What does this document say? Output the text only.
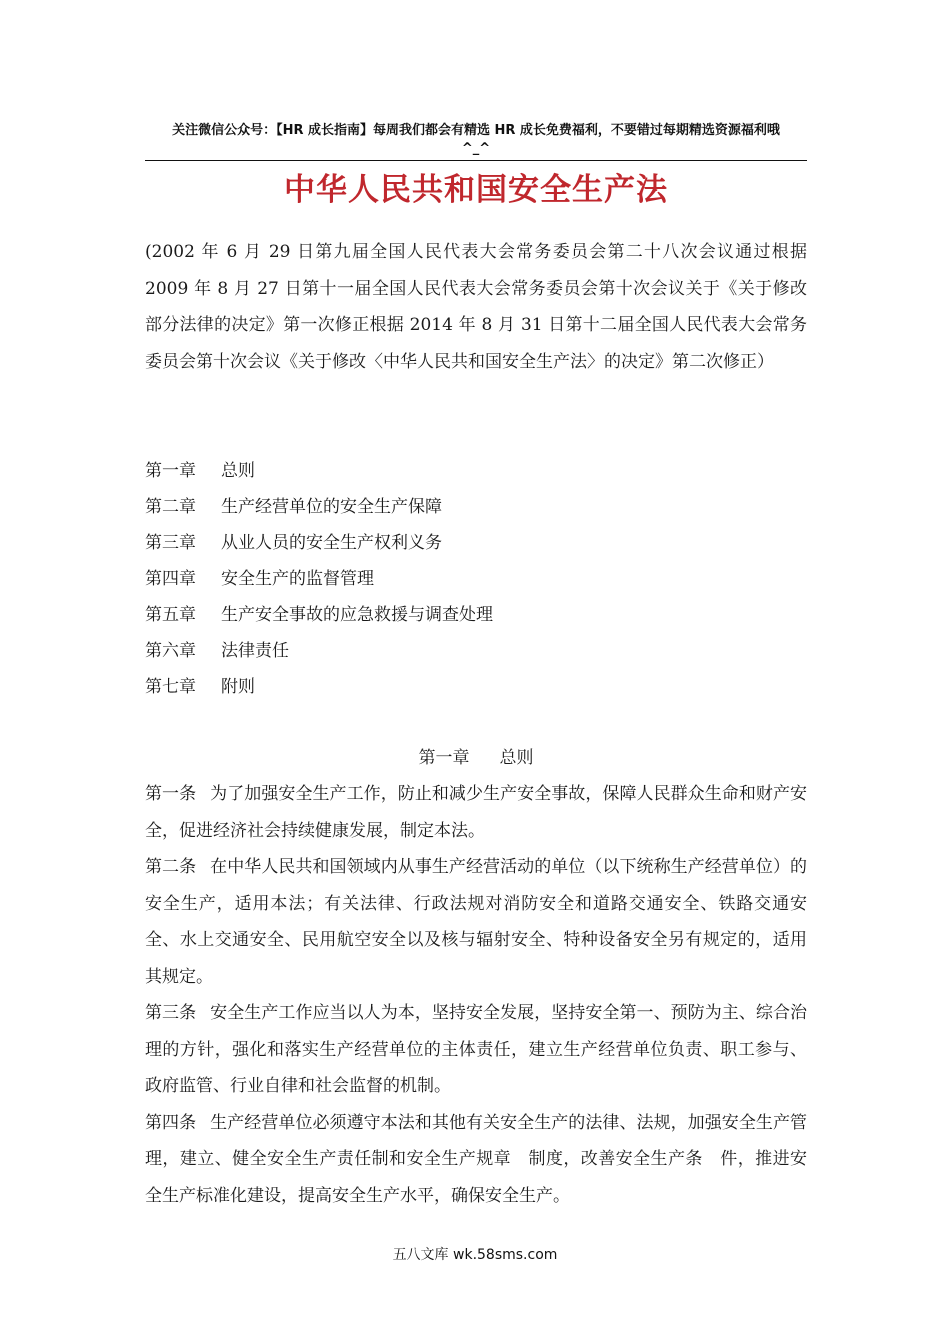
关注微信公众号：【HR 成长指南】每周我们都会有精选 HR 成长免费福利，不要错过每期精选资源福利哦
^_^
中华人民共和国安全生产法
(2002 年 6 月 29 日第九届全国人民代表大会常务委员会第二十八次会议通过根据 2009 年 8 月 27 日第十一届全国人民代表大会常务委员会第十次会议关于《关于修改部分法律的决定》第一次修正根据 2014 年 8 月 31 日第十二届全国人民代表大会常务委员会第十次会议《关于修改〈中华人民共和国安全生产法〉的决定》第二次修正）
第一章 总则
第二章 生产经营单位的安全生产保障
第三章 从业人员的安全生产权利义务
第四章 安全生产的监督管理
第五章 生产安全事故的应急救援与调查处理
第六章 法律责任
第七章 附则
第一章 总则
第一条 为了加强安全生产工作，防止和减少生产安全事故，保障人民群众生命和财产安全，促进经济社会持续健康发展，制定本法。
第二条 在中华人民共和国领域内从事生产经营活动的单位（以下统称生产经营单位）的安全生产，适用本法；有关法律、行政法规对消防安全和道路交通安全、铁路交通安全、水上交通安全、民用航空安全以及核与辐射安全、特种设备安全另有规定的，适用其规定。
第三条 安全生产工作应当以人为本，坚持安全发展，坚持安全第一、预防为主、综合治理的方针，强化和落实生产经营单位的主体责任，建立生产经营单位负责、职工参与、政府监管、行业自律和社会监督的机制。
第四条 生产经营单位必须遵守本法和其他有关安全生产的法律、法规，加强安全生产管理，建立、健全安全生产责任制和安全生产规章　制度，改善安全生产条　件，推进安全生产标准化建设，提高安全生产水平，确保安全生产。
五八文库 wk.58sms.com
